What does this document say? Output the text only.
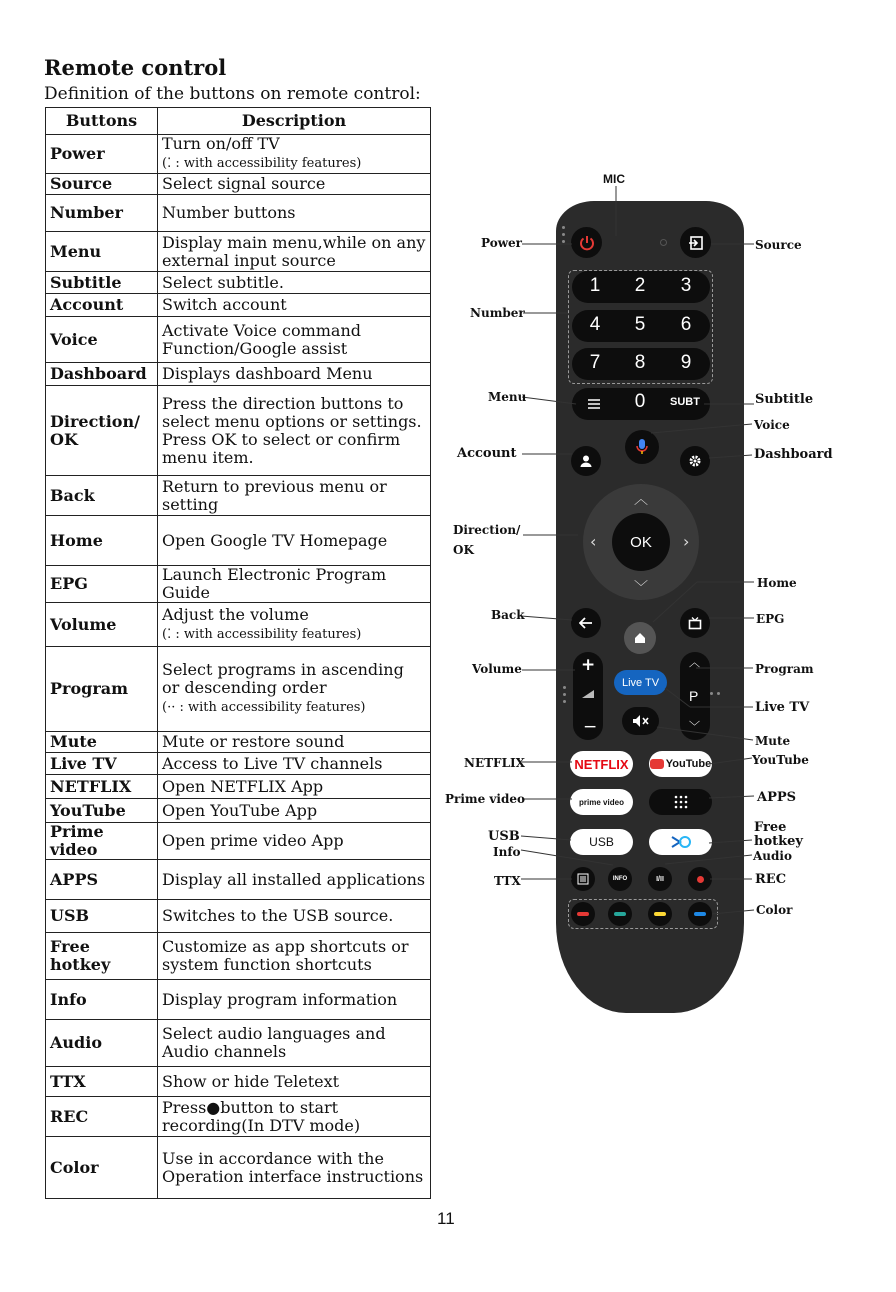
Remote control
Definition of the buttons on remote control:
Buttons	Description
Power	Turn on/off TV
(⁚ : with accessibility features)
Source	Select signal source
Number	Number buttons
Menu	Display main menu,while on any external input source
Subtitle	Select subtitle.
Account	Switch account
Voice	Activate Voice command Function/Google assist
Dashboard	Displays dashboard Menu
Direction/ OK	Press the direction buttons to select menu options or settings. Press OK to select or confirm menu item.
Back	Return to previous menu or setting
Home	Open Google TV Homepage
EPG	Launch Electronic Program Guide
Volume	Adjust the volume
(⁚ : with accessibility features)
Program	Select programs in ascending or descending order
(·· : with accessibility features)
Mute	Mute or restore sound
Live TV	Access to Live TV channels
NETFLIX	Open NETFLIX App
YouTube	Open YouTube App
Prime video	Open prime video App
APPS	Display all installed applications
USB	Switches to the USB source.
Free hotkey	Customize as app shortcuts or system function shortcuts
Info	Display program information
Audio	Select audio languages and Audio channels
TTX	Show or hide Teletext
REC	Press●button to start recording(In DTV mode)
Color	Use in accordance with the Operation interface instructions
11
1 2 3
4 5 6
7 8 9
0	SUBT
OK
︿
﹀
‹	›
+
−
Live TV
︿
P
﹀
NETFLIX	YouTube
prime video
USB
INFO	I/II
MIC
Power
Number
Menu
Account
Direction/
OK
Back
Volume
NETFLIX
Prime video
USB
Info
TTX
Source
Subtitle
Voice
Dashboard
Home
EPG
Program
Live TV
Mute
YouTube
APPS
Free
hotkey
Audio
REC
Color
